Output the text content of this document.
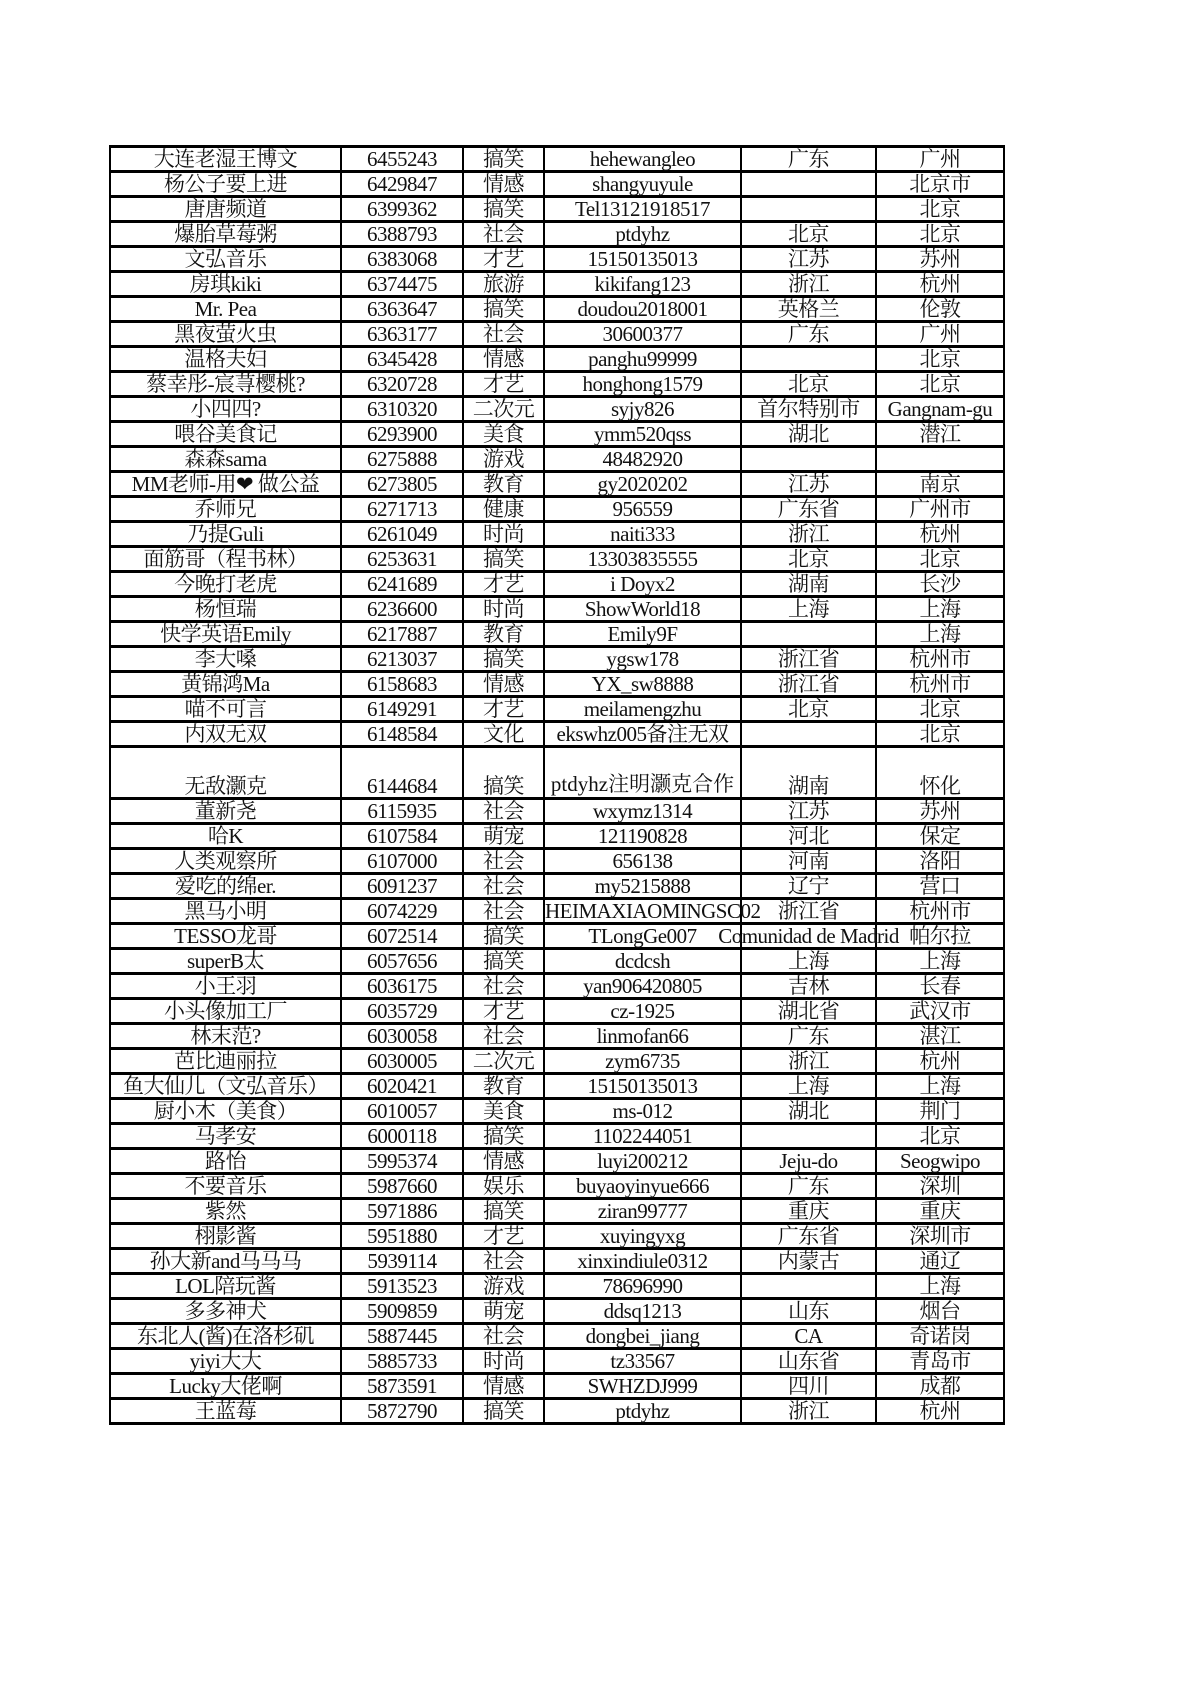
大连老湿王博文	6455243	搞笑	hehewangleo	广东	广州
杨公子要上进	6429847	情感	shangyuyule		北京市
唐唐频道	6399362	搞笑	Tel13121918517		北京
爆胎草莓粥	6388793	社会	ptdyhz	北京	北京
文弘音乐	6383068	才艺	15150135013	江苏	苏州
房琪kiki	6374475	旅游	kikifang123	浙江	杭州
Mr. Pea	6363647	搞笑	doudou2018001	英格兰	伦敦
黑夜萤火虫	6363177	社会	30600377	广东	广州
温格夫妇	6345428	情感	panghu99999		北京
蔡幸彤-宸荨樱桃?	6320728	才艺	honghong1579	北京	北京
小四四?	6310320	二次元	syjy826	首尔特别市	Gangnam-gu
喂谷美食记	6293900	美食	ymm520qss	湖北	潜江
森森sama	6275888	游戏	48482920		
MM老师-用❤ 做公益	6273805	教育	gy2020202	江苏	南京
乔师兄	6271713	健康	956559	广东省	广州市
乃提Guli	6261049	时尚	naiti333	浙江	杭州
面筋哥（程书林）	6253631	搞笑	13303835555	北京	北京
今晚打老虎	6241689	才艺	i Doyx2	湖南	长沙
杨恒瑞	6236600	时尚	ShowWorld18	上海	上海
快学英语Emily	6217887	教育	Emily9F		上海
李大嗓	6213037	搞笑	ygsw178	浙江省	杭州市
黄锦鸿Ma	6158683	情感	YX_sw8888	浙江省	杭州市
喵不可言	6149291	才艺	meilamengzhu	北京	北京
内双无双	6148584	文化	ekswhz005备注无双		北京
无敌灏克	6144684	搞笑	ptdyhz注明灏克合作	湖南	怀化
董新尧	6115935	社会	wxymz1314	江苏	苏州
哈K	6107584	萌宠	121190828	河北	保定
人类观察所	6107000	社会	656138	河南	洛阳
爱吃的绵er.	6091237	社会	my5215888	辽宁	营口
黑马小明	6074229	社会	HEIMAXIAOMINGSC02	浙江省	杭州市
TESSO龙哥	6072514	搞笑	TLongGe007	Comunidad de Madrid	帕尔拉
superB太	6057656	搞笑	dcdcsh	上海	上海
小王羽	6036175	社会	yan906420805	吉林	长春
小头像加工厂	6035729	才艺	cz-1925	湖北省	武汉市
林末范?	6030058	社会	linmofan66	广东	湛江
芭比迪丽拉	6030005	二次元	zym6735	浙江	杭州
鱼大仙儿（文弘音乐）	6020421	教育	15150135013	上海	上海
厨小木（美食）	6010057	美食	ms-012	湖北	荆门
马孝安	6000118	搞笑	1102244051		北京
路怡	5995374	情感	luyi200212	Jeju-do	Seogwipo
不要音乐	5987660	娱乐	buyaoyinyue666	广东	深圳
紫然	5971886	搞笑	ziran99777	重庆	重庆
栩影酱	5951880	才艺	xuyingyxg	广东省	深圳市
孙大新and马马马	5939114	社会	xinxindiule0312	内蒙古	通辽
LOL陪玩酱	5913523	游戏	78696990		上海
多多神犬	5909859	萌宠	ddsq1213	山东	烟台
东北人(酱)在洛杉矶	5887445	社会	dongbei_jiang	CA	奇诺岗
yiyi大大	5885733	时尚	tz33567	山东省	青岛市
Lucky大佬啊	5873591	情感	SWHZDJ999	四川	成都
王蓝莓	5872790	搞笑	ptdyhz	浙江	杭州
